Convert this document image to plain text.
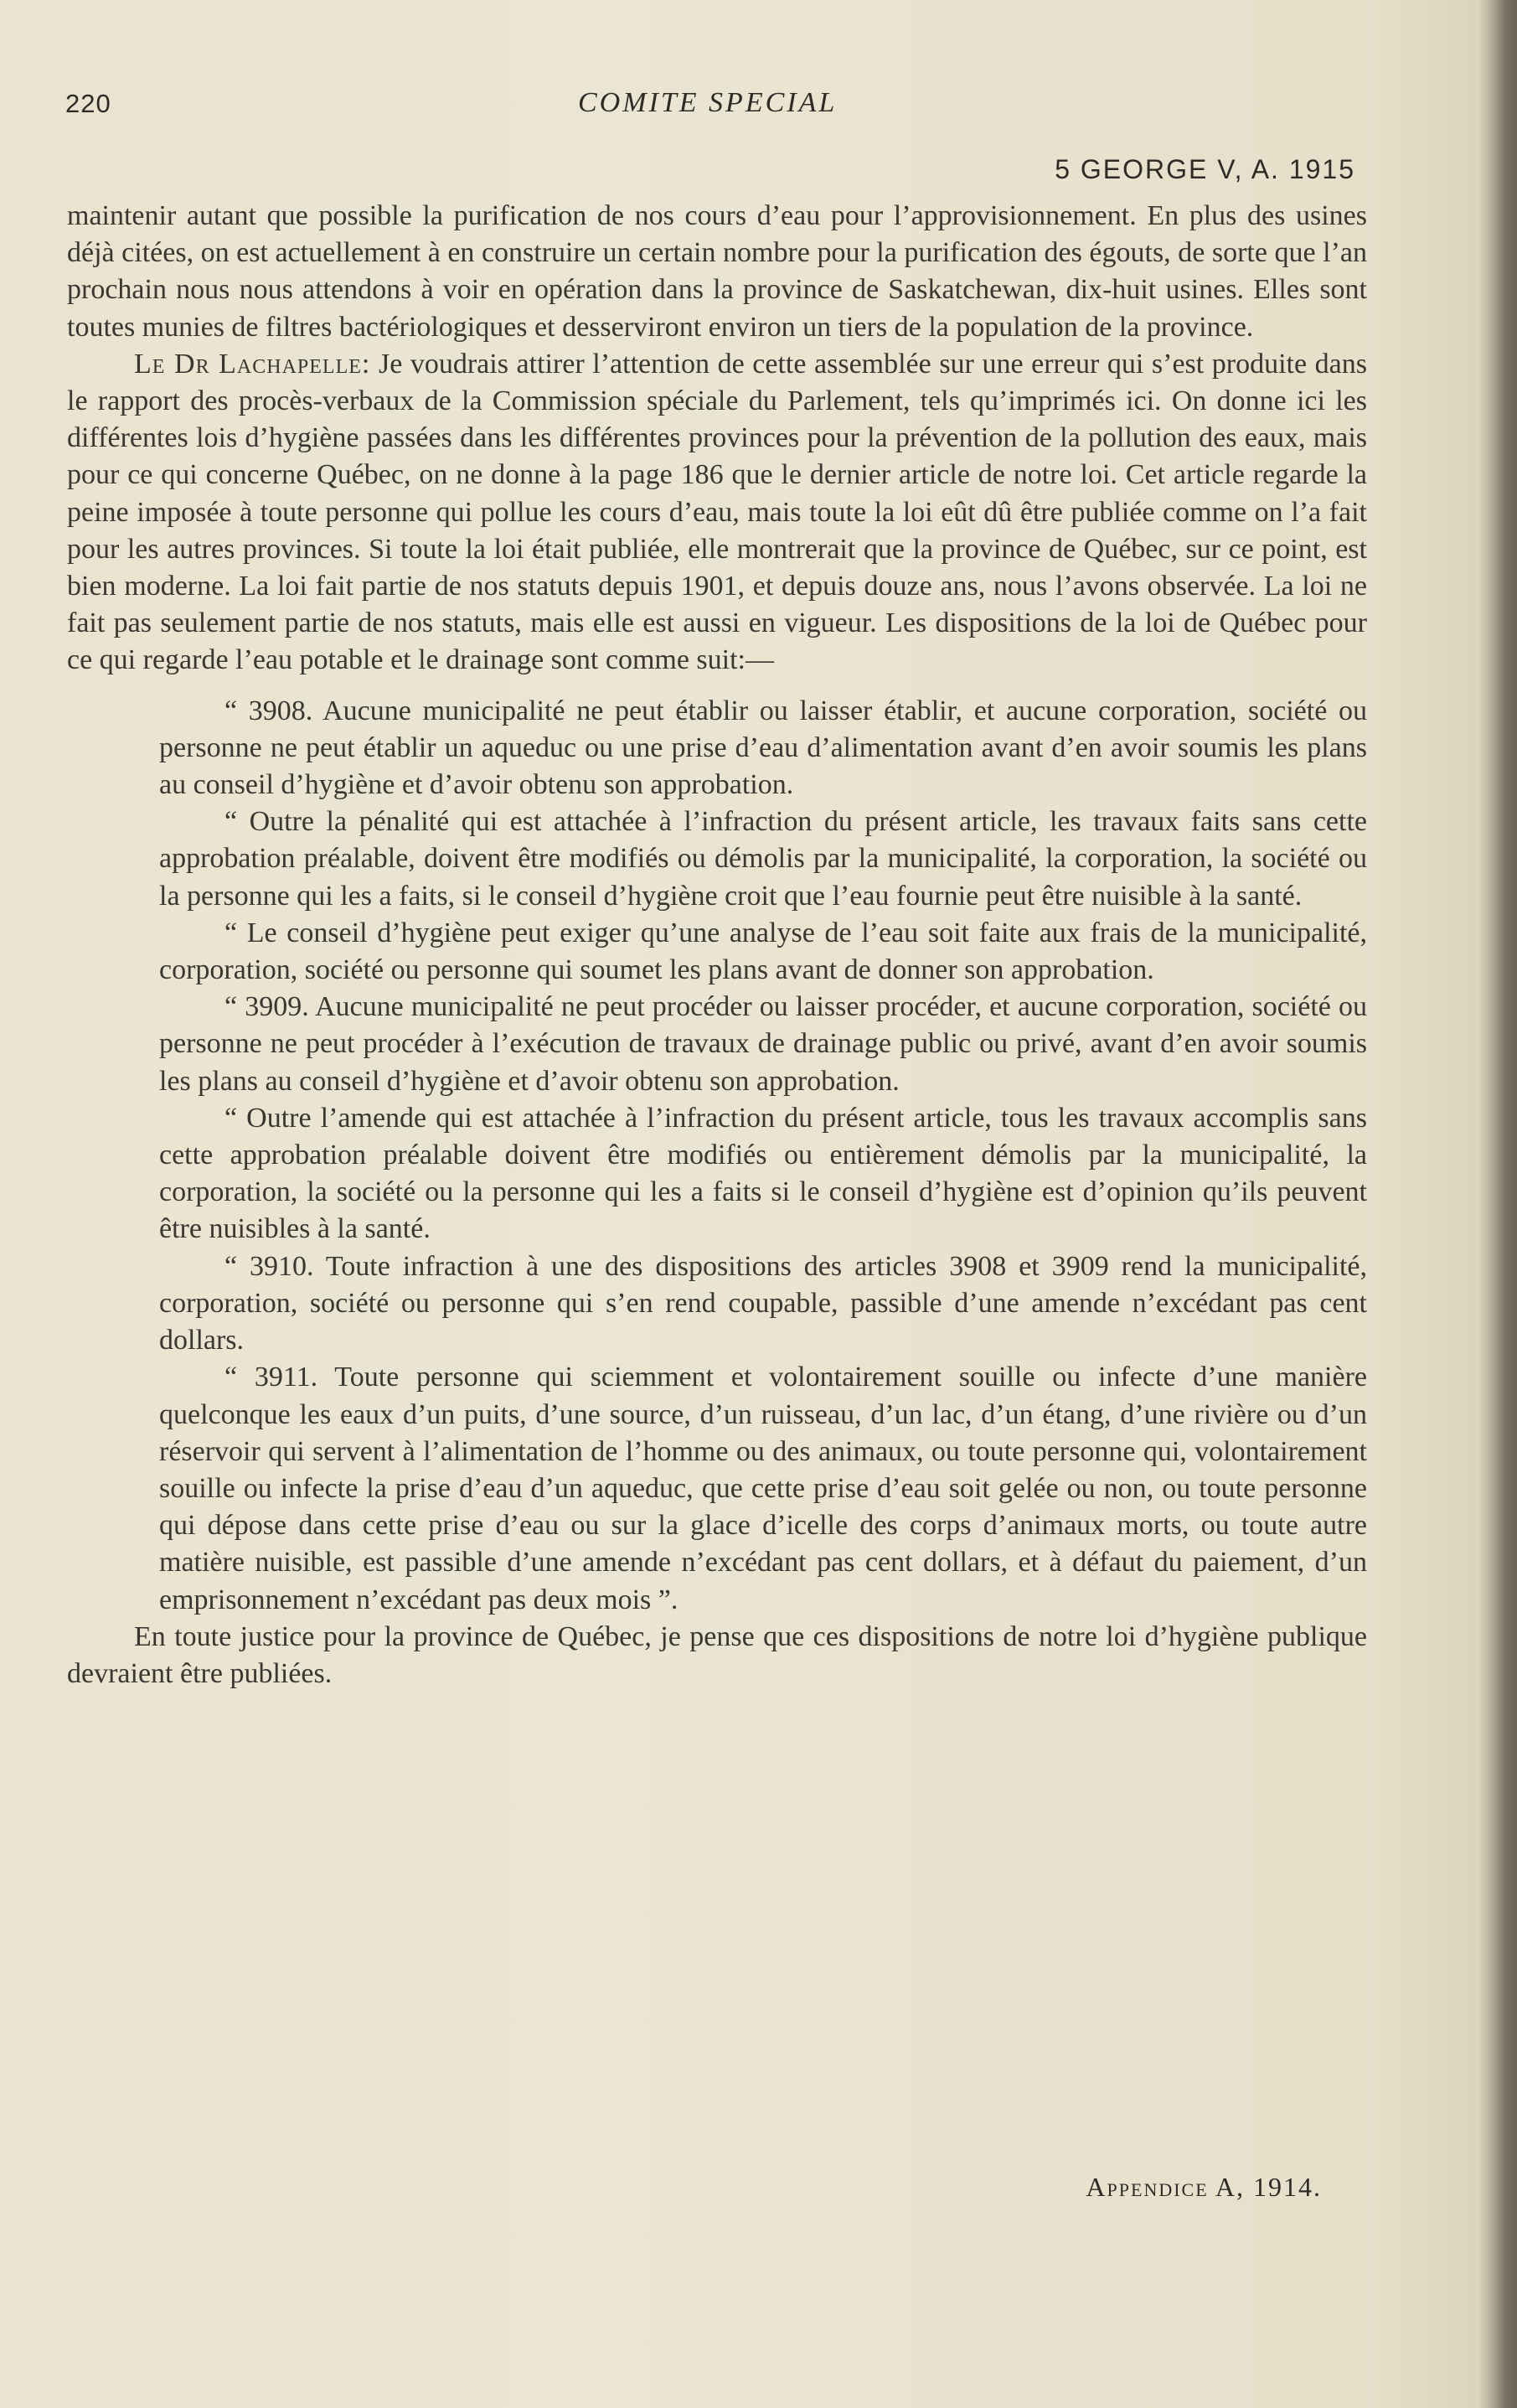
220	COMITE SPECIAL
5 GEORGE V, A. 1915

maintenir autant que possible la purification de nos cours d’eau pour l’approvisionnement. En plus des usines déjà citées, on est actuellement à en construire un certain nombre pour la purification des égouts, de sorte que l’an prochain nous nous attendons à voir en opération dans la province de Saskatchewan, dix-huit usines. Elles sont toutes munies de filtres bactériologiques et desserviront environ un tiers de la population de la province.

Le Dr Lachapelle: Je voudrais attirer l’attention de cette assemblée sur une erreur qui s’est produite dans le rapport des procès-verbaux de la Commission spéciale du Parlement, tels qu’imprimés ici. On donne ici les différentes lois d’hygiène passées dans les différentes provinces pour la prévention de la pollution des eaux, mais pour ce qui concerne Québec, on ne donne à la page 186 que le dernier article de notre loi. Cet article regarde la peine imposée à toute personne qui pollue les cours d’eau, mais toute la loi eût dû être publiée comme on l’a fait pour les autres provinces. Si toute la loi était publiée, elle montrerait que la province de Québec, sur ce point, est bien moderne. La loi fait partie de nos statuts depuis 1901, et depuis douze ans, nous l’avons observée. La loi ne fait pas seulement partie de nos statuts, mais elle est aussi en vigueur. Les dispositions de la loi de Québec pour ce qui regarde l’eau potable et le drainage sont comme suit:—

“ 3908. Aucune municipalité ne peut établir ou laisser établir, et aucune corporation, société ou personne ne peut établir un aqueduc ou une prise d’eau d’alimentation avant d’en avoir soumis les plans au conseil d’hygiène et d’avoir obtenu son approbation.

“ Outre la pénalité qui est attachée à l’infraction du présent article, les travaux faits sans cette approbation préalable, doivent être modifiés ou démolis par la municipalité, la corporation, la société ou la personne qui les a faits, si le conseil d’hygiène croit que l’eau fournie peut être nuisible à la santé.

“ Le conseil d’hygiène peut exiger qu’une analyse de l’eau soit faite aux frais de la municipalité, corporation, société ou personne qui soumet les plans avant de donner son approbation.

“ 3909. Aucune municipalité ne peut procéder ou laisser procéder, et aucune corporation, société ou personne ne peut procéder à l’exécution de travaux de drainage public ou privé, avant d’en avoir soumis les plans au conseil d’hygiène et d’avoir obtenu son approbation.

“ Outre l’amende qui est attachée à l’infraction du présent article, tous les travaux accomplis sans cette approbation préalable doivent être modifiés ou entièrement démolis par la municipalité, la corporation, la société ou la personne qui les a faits si le conseil d’hygiène est d’opinion qu’ils peuvent être nuisibles à la santé.

“ 3910. Toute infraction à une des dispositions des articles 3908 et 3909 rend la municipalité, corporation, société ou personne qui s’en rend coupable, passible d’une amende n’excédant pas cent dollars.

“ 3911. Toute personne qui sciemment et volontairement souille ou infecte d’une manière quelconque les eaux d’un puits, d’une source, d’un ruisseau, d’un lac, d’un étang, d’une rivière ou d’un réservoir qui servent à l’alimentation de l’homme ou des animaux, ou toute personne qui, volontairement souille ou infecte la prise d’eau d’un aqueduc, que cette prise d’eau soit gelée ou non, ou toute personne qui dépose dans cette prise d’eau ou sur la glace d’icelle des corps d’animaux morts, ou toute autre matière nuisible, est passible d’une amende n’excédant pas cent dollars, et à défaut du paiement, d’un emprisonnement n’excédant pas deux mois ”.

En toute justice pour la province de Québec, je pense que ces dispositions de notre loi d’hygiène publique devraient être publiées.

Appendice A, 1914.
